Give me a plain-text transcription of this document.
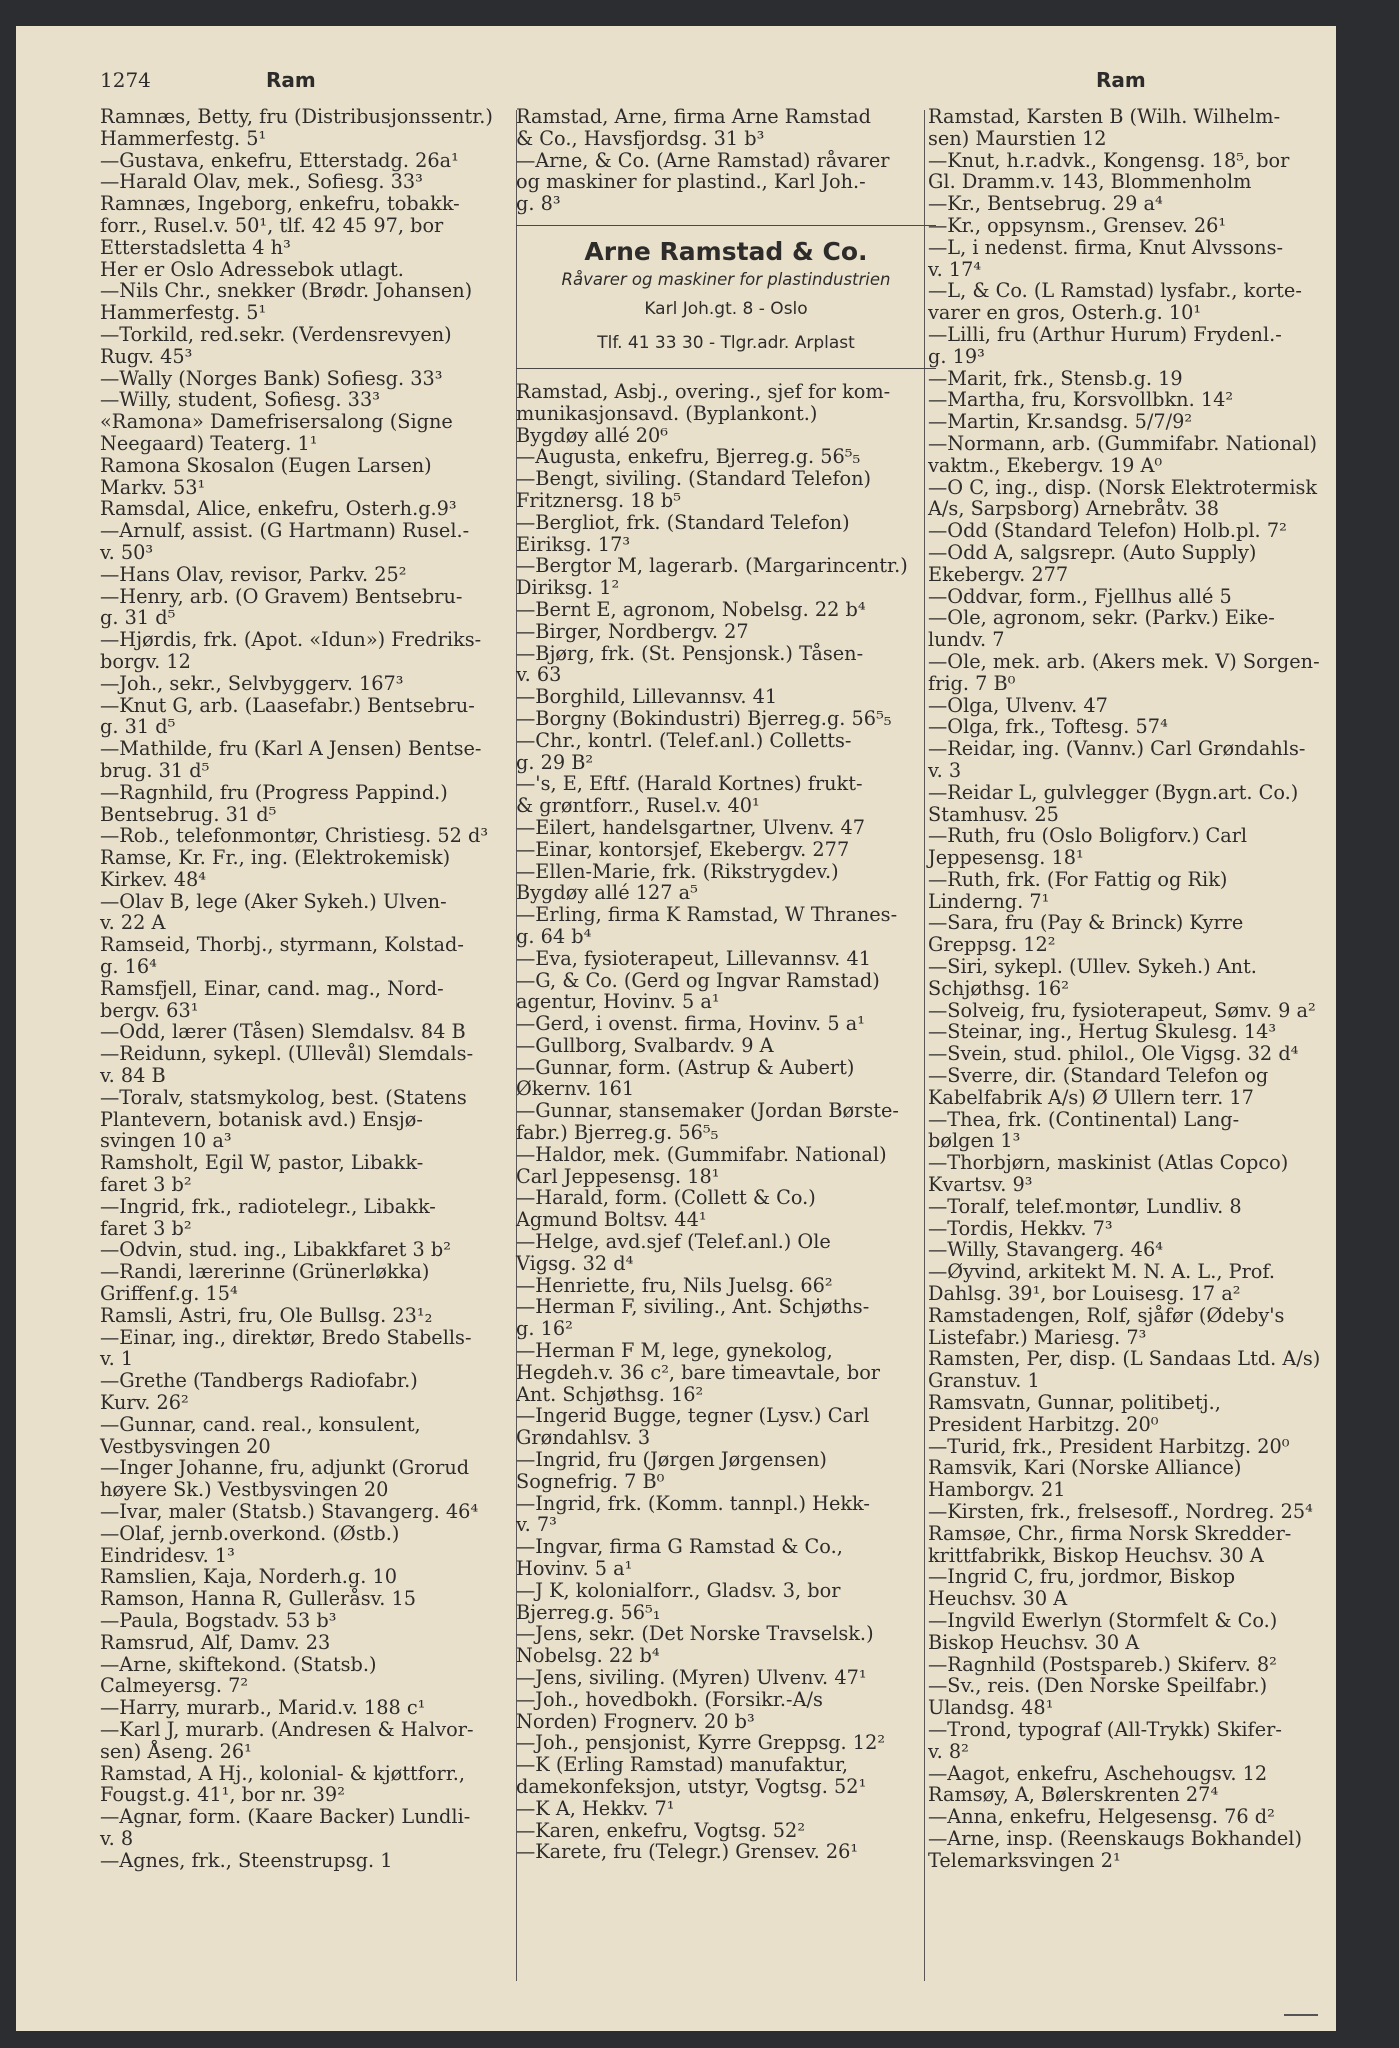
1274	Ram	Ram
Ramnæs, Betty, fru (Distribusjonssentr.)
Hammerfestg. 5¹
—Gustava, enkefru, Etterstadg. 26a¹
—Harald Olav, mek., Sofiesg. 33³
Ramnæs, Ingeborg, enkefru, tobakk-
forr., Rusel.v. 50¹, tlf. 42 45 97, bor
Etterstadsletta 4 h³
Her er Oslo Adressebok utlagt.
—Nils Chr., snekker (Brødr. Johansen)
Hammerfestg. 5¹
—Torkild, red.sekr. (Verdensrevyen)
Rugv. 45³
—Wally (Norges Bank) Sofiesg. 33³
—Willy, student, Sofiesg. 33³
«Ramona» Damefrisersalong (Signe
Neegaard) Teaterg. 1¹
Ramona Skosalon (Eugen Larsen)
Markv. 53¹
Ramsdal, Alice, enkefru, Osterh.g.9³
—Arnulf, assist. (G Hartmann) Rusel.-
v. 50³
—Hans Olav, revisor, Parkv. 25²
—Henry, arb. (O Gravem) Bentsebru-
g. 31 d⁵
—Hjørdis, frk. (Apot. «Idun») Fredriks-
borgv. 12
—Joh., sekr., Selvbyggerv. 167³
—Knut G, arb. (Laasefabr.) Bentsebru-
g. 31 d⁵
—Mathilde, fru (Karl A Jensen) Bentse-
brug. 31 d⁵
—Ragnhild, fru (Progress Pappind.)
Bentsebrug. 31 d⁵
—Rob., telefonmontør, Christiesg. 52 d³
Ramse, Kr. Fr., ing. (Elektrokemisk)
Kirkev. 48⁴
—Olav B, lege (Aker Sykeh.) Ulven-
v. 22 A
Ramseid, Thorbj., styrmann, Kolstad-
g. 16⁴
Ramsfjell, Einar, cand. mag., Nord-
bergv. 63¹
—Odd, lærer (Tåsen) Slemdalsv. 84 B
—Reidunn, sykepl. (Ullevål) Slemdals-
v. 84 B
—Toralv, statsmykolog, best. (Statens
Plantevern, botanisk avd.) Ensjø-
svingen 10 a³
Ramsholt, Egil W, pastor, Libakk-
faret 3 b²
—Ingrid, frk., radiotelegr., Libakk-
faret 3 b²
—Odvin, stud. ing., Libakkfaret 3 b²
—Randi, lærerinne (Grünerløkka)
Griffenf.g. 15⁴
Ramsli, Astri, fru, Ole Bullsg. 23¹₂
—Einar, ing., direktør, Bredo Stabells-
v. 1
—Grethe (Tandbergs Radiofabr.)
Kurv. 26²
—Gunnar, cand. real., konsulent,
Vestbysvingen 20
—Inger Johanne, fru, adjunkt (Grorud
høyere Sk.) Vestbysvingen 20
—Ivar, maler (Statsb.) Stavangerg. 46⁴
—Olaf, jernb.overkond. (Østb.)
Eindridesv. 1³
Ramslien, Kaja, Norderh.g. 10
Ramson, Hanna R, Gulleråsv. 15
—Paula, Bogstadv. 53 b³
Ramsrud, Alf, Damv. 23
—Arne, skiftekond. (Statsb.)
Calmeyersg. 7²
—Harry, murarb., Marid.v. 188 c¹
—Karl J, murarb. (Andresen & Halvor-
sen) Åseng. 26¹
Ramstad, A Hj., kolonial- & kjøttforr.,
Fougst.g. 41¹, bor nr. 39²
—Agnar, form. (Kaare Backer) Lundli-
v. 8
—Agnes, frk., Steenstrupsg. 1
Ramstad, Arne, firma Arne Ramstad
& Co., Havsfjordsg. 31 b³
—Arne, & Co. (Arne Ramstad) råvarer
og maskiner for plastind., Karl Joh.-
g. 8³
Arne Ramstad & Co.
Råvarer og maskiner for plastindustrien
Karl Joh.gt. 8 - Oslo
Tlf. 41 33 30 - Tlgr.adr. Arplast
Ramstad, Asbj., overing., sjef for kom-
munikasjonsavd. (Byplankont.)
Bygdøy allé 20⁶
—Augusta, enkefru, Bjerreg.g. 56⁵₅
—Bengt, siviling. (Standard Telefon)
Fritznersg. 18 b⁵
—Bergliot, frk. (Standard Telefon)
Eiriksg. 17³
—Bergtor M, lagerarb. (Margarincentr.)
Diriksg. 1²
—Bernt E, agronom, Nobelsg. 22 b⁴
—Birger, Nordbergv. 27
—Bjørg, frk. (St. Pensjonsk.) Tåsen-
v. 63
—Borghild, Lillevannsv. 41
—Borgny (Bokindustri) Bjerreg.g. 56⁵₅
—Chr., kontrl. (Telef.anl.) Colletts-
g. 29 B²
—'s, E, Eftf. (Harald Kortnes) frukt-
& grøntforr., Rusel.v. 40¹
—Eilert, handelsgartner, Ulvenv. 47
—Einar, kontorsjef, Ekebergv. 277
—Ellen-Marie, frk. (Rikstrygdev.)
Bygdøy allé 127 a⁵
—Erling, firma K Ramstad, W Thranes-
g. 64 b⁴
—Eva, fysioterapeut, Lillevannsv. 41
—G, & Co. (Gerd og Ingvar Ramstad)
agentur, Hovinv. 5 a¹
—Gerd, i ovenst. firma, Hovinv. 5 a¹
—Gullborg, Svalbardv. 9 A
—Gunnar, form. (Astrup & Aubert)
Økernv. 161
—Gunnar, stansemaker (Jordan Børste-
fabr.) Bjerreg.g. 56⁵₅
—Haldor, mek. (Gummifabr. National)
Carl Jeppesensg. 18¹
—Harald, form. (Collett & Co.)
Agmund Boltsv. 44¹
—Helge, avd.sjef (Telef.anl.) Ole
Vigsg. 32 d⁴
—Henriette, fru, Nils Juelsg. 66²
—Herman F, siviling., Ant. Schjøths-
g. 16²
—Herman F M, lege, gynekolog,
Hegdeh.v. 36 c², bare timeavtale, bor
Ant. Schjøthsg. 16²
—Ingerid Bugge, tegner (Lysv.) Carl
Grøndahlsv. 3
—Ingrid, fru (Jørgen Jørgensen)
Sognefrig. 7 B⁰
—Ingrid, frk. (Komm. tannpl.) Hekk-
v. 7³
—Ingvar, firma G Ramstad & Co.,
Hovinv. 5 a¹
—J K, kolonialforr., Gladsv. 3, bor
Bjerreg.g. 56⁵₁
—Jens, sekr. (Det Norske Travselsk.)
Nobelsg. 22 b⁴
—Jens, siviling. (Myren) Ulvenv. 47¹
—Joh., hovedbokh. (Forsikr.-A/s
Norden) Frognerv. 20 b³
—Joh., pensjonist, Kyrre Greppsg. 12²
—K (Erling Ramstad) manufaktur,
damekonfeksjon, utstyr, Vogtsg. 52¹
—K A, Hekkv. 7¹
—Karen, enkefru, Vogtsg. 52²
—Karete, fru (Telegr.) Grensev. 26¹
Ramstad, Karsten B (Wilh. Wilhelm-
sen) Maurstien 12
—Knut, h.r.advk., Kongensg. 18⁵, bor
Gl. Dramm.v. 143, Blommenholm
—Kr., Bentsebrug. 29 a⁴
—Kr., oppsynsm., Grensev. 26¹
—L, i nedenst. firma, Knut Alvssons-
v. 17⁴
—L, & Co. (L Ramstad) lysfabr., korte-
varer en gros, Osterh.g. 10¹
—Lilli, fru (Arthur Hurum) Frydenl.-
g. 19³
—Marit, frk., Stensb.g. 19
—Martha, fru, Korsvollbkn. 14²
—Martin, Kr.sandsg. 5/7/9²
—Normann, arb. (Gummifabr. National)
vaktm., Ekebergv. 19 A⁰
—O C, ing., disp. (Norsk Elektrotermisk
A/s, Sarpsborg) Arnebråtv. 38
—Odd (Standard Telefon) Holb.pl. 7²
—Odd A, salgsrepr. (Auto Supply)
Ekebergv. 277
—Oddvar, form., Fjellhus allé 5
—Ole, agronom, sekr. (Parkv.) Eike-
lundv. 7
—Ole, mek. arb. (Akers mek. V) Sorgen-
frig. 7 B⁰
—Olga, Ulvenv. 47
—Olga, frk., Toftesg. 57⁴
—Reidar, ing. (Vannv.) Carl Grøndahls-
v. 3
—Reidar L, gulvlegger (Bygn.art. Co.)
Stamhusv. 25
—Ruth, fru (Oslo Boligforv.) Carl
Jeppesensg. 18¹
—Ruth, frk. (For Fattig og Rik)
Linderng. 7¹
—Sara, fru (Pay & Brinck) Kyrre
Greppsg. 12²
—Siri, sykepl. (Ullev. Sykeh.) Ant.
Schjøthsg. 16²
—Solveig, fru, fysioterapeut, Sømv. 9 a²
—Steinar, ing., Hertug Skulesg. 14³
—Svein, stud. philol., Ole Vigsg. 32 d⁴
—Sverre, dir. (Standard Telefon og
Kabelfabrik A/s) Ø Ullern terr. 17
—Thea, frk. (Continental) Lang-
bølgen 1³
—Thorbjørn, maskinist (Atlas Copco)
Kvartsv. 9³
—Toralf, telef.montør, Lundliv. 8
—Tordis, Hekkv. 7³
—Willy, Stavangerg. 46⁴
—Øyvind, arkitekt M. N. A. L., Prof.
Dahlsg. 39¹, bor Louisesg. 17 a²
Ramstadengen, Rolf, sjåfør (Ødeby's
Listefabr.) Mariesg. 7³
Ramsten, Per, disp. (L Sandaas Ltd. A/s)
Granstuv. 1
Ramsvatn, Gunnar, politibetj.,
President Harbitzg. 20⁰
—Turid, frk., President Harbitzg. 20⁰
Ramsvik, Kari (Norske Alliance)
Hamborgv. 21
—Kirsten, frk., frelsesoff., Nordreg. 25⁴
Ramsøe, Chr., firma Norsk Skredder-
krittfabrikk, Biskop Heuchsv. 30 A
—Ingrid C, fru, jordmor, Biskop
Heuchsv. 30 A
—Ingvild Ewerlyn (Stormfelt & Co.)
Biskop Heuchsv. 30 A
—Ragnhild (Postspareb.) Skiferv. 8²
—Sv., reis. (Den Norske Speilfabr.)
Ulandsg. 48¹
—Trond, typograf (All-Trykk) Skifer-
v. 8²
—Aagot, enkefru, Aschehougsv. 12
Ramsøy, A, Bølerskrenten 27⁴
—Anna, enkefru, Helgesensg. 76 d²
—Arne, insp. (Reenskaugs Bokhandel)
Telemarksvingen 2¹
